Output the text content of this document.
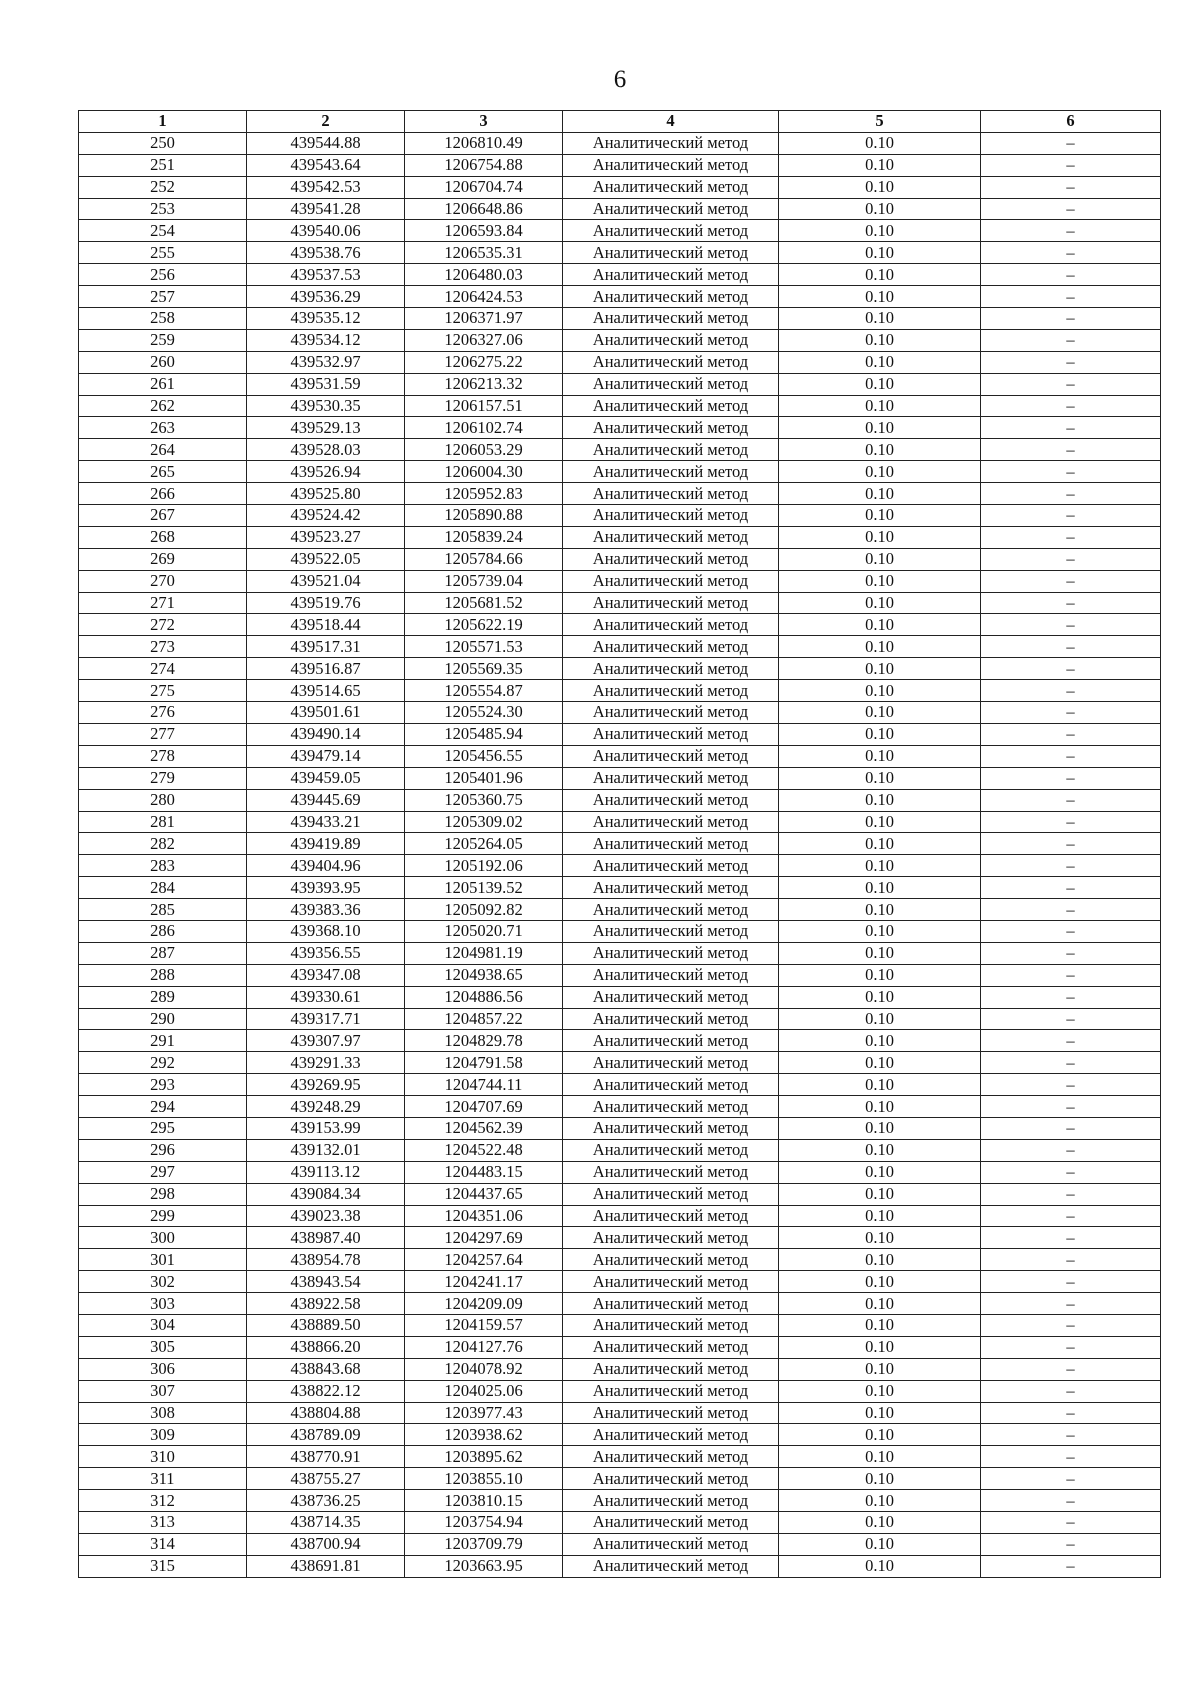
6
1	2	3	4	5	6
250	439544.88	1206810.49	Аналитический метод	0.10	–
251	439543.64	1206754.88	Аналитический метод	0.10	–
252	439542.53	1206704.74	Аналитический метод	0.10	–
253	439541.28	1206648.86	Аналитический метод	0.10	–
254	439540.06	1206593.84	Аналитический метод	0.10	–
255	439538.76	1206535.31	Аналитический метод	0.10	–
256	439537.53	1206480.03	Аналитический метод	0.10	–
257	439536.29	1206424.53	Аналитический метод	0.10	–
258	439535.12	1206371.97	Аналитический метод	0.10	–
259	439534.12	1206327.06	Аналитический метод	0.10	–
260	439532.97	1206275.22	Аналитический метод	0.10	–
261	439531.59	1206213.32	Аналитический метод	0.10	–
262	439530.35	1206157.51	Аналитический метод	0.10	–
263	439529.13	1206102.74	Аналитический метод	0.10	–
264	439528.03	1206053.29	Аналитический метод	0.10	–
265	439526.94	1206004.30	Аналитический метод	0.10	–
266	439525.80	1205952.83	Аналитический метод	0.10	–
267	439524.42	1205890.88	Аналитический метод	0.10	–
268	439523.27	1205839.24	Аналитический метод	0.10	–
269	439522.05	1205784.66	Аналитический метод	0.10	–
270	439521.04	1205739.04	Аналитический метод	0.10	–
271	439519.76	1205681.52	Аналитический метод	0.10	–
272	439518.44	1205622.19	Аналитический метод	0.10	–
273	439517.31	1205571.53	Аналитический метод	0.10	–
274	439516.87	1205569.35	Аналитический метод	0.10	–
275	439514.65	1205554.87	Аналитический метод	0.10	–
276	439501.61	1205524.30	Аналитический метод	0.10	–
277	439490.14	1205485.94	Аналитический метод	0.10	–
278	439479.14	1205456.55	Аналитический метод	0.10	–
279	439459.05	1205401.96	Аналитический метод	0.10	–
280	439445.69	1205360.75	Аналитический метод	0.10	–
281	439433.21	1205309.02	Аналитический метод	0.10	–
282	439419.89	1205264.05	Аналитический метод	0.10	–
283	439404.96	1205192.06	Аналитический метод	0.10	–
284	439393.95	1205139.52	Аналитический метод	0.10	–
285	439383.36	1205092.82	Аналитический метод	0.10	–
286	439368.10	1205020.71	Аналитический метод	0.10	–
287	439356.55	1204981.19	Аналитический метод	0.10	–
288	439347.08	1204938.65	Аналитический метод	0.10	–
289	439330.61	1204886.56	Аналитический метод	0.10	–
290	439317.71	1204857.22	Аналитический метод	0.10	–
291	439307.97	1204829.78	Аналитический метод	0.10	–
292	439291.33	1204791.58	Аналитический метод	0.10	–
293	439269.95	1204744.11	Аналитический метод	0.10	–
294	439248.29	1204707.69	Аналитический метод	0.10	–
295	439153.99	1204562.39	Аналитический метод	0.10	–
296	439132.01	1204522.48	Аналитический метод	0.10	–
297	439113.12	1204483.15	Аналитический метод	0.10	–
298	439084.34	1204437.65	Аналитический метод	0.10	–
299	439023.38	1204351.06	Аналитический метод	0.10	–
300	438987.40	1204297.69	Аналитический метод	0.10	–
301	438954.78	1204257.64	Аналитический метод	0.10	–
302	438943.54	1204241.17	Аналитический метод	0.10	–
303	438922.58	1204209.09	Аналитический метод	0.10	–
304	438889.50	1204159.57	Аналитический метод	0.10	–
305	438866.20	1204127.76	Аналитический метод	0.10	–
306	438843.68	1204078.92	Аналитический метод	0.10	–
307	438822.12	1204025.06	Аналитический метод	0.10	–
308	438804.88	1203977.43	Аналитический метод	0.10	–
309	438789.09	1203938.62	Аналитический метод	0.10	–
310	438770.91	1203895.62	Аналитический метод	0.10	–
311	438755.27	1203855.10	Аналитический метод	0.10	–
312	438736.25	1203810.15	Аналитический метод	0.10	–
313	438714.35	1203754.94	Аналитический метод	0.10	–
314	438700.94	1203709.79	Аналитический метод	0.10	–
315	438691.81	1203663.95	Аналитический метод	0.10	–
